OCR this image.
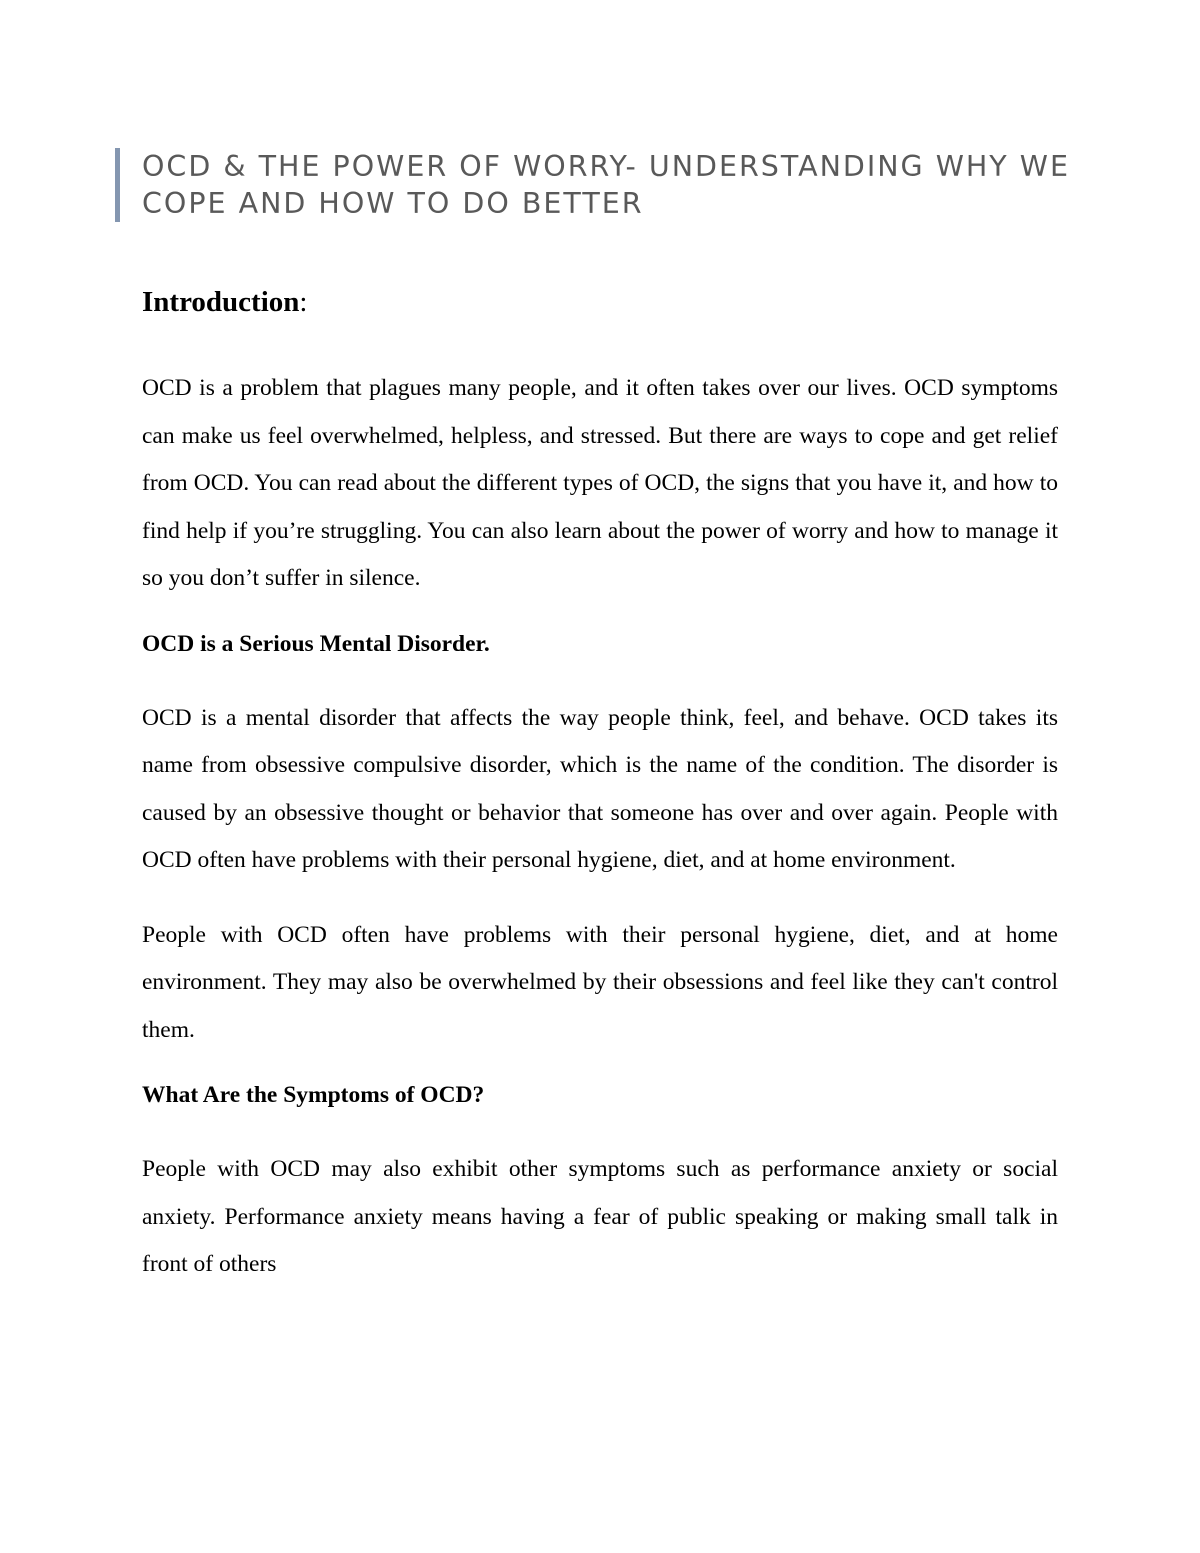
OCD & THE POWER OF WORRY- UNDERSTANDING WHY WE COPE AND HOW TO DO BETTER
Introduction:

OCD is a problem that plagues many people, and it often takes over our lives. OCD symptoms can make us feel overwhelmed, helpless, and stressed. But there are ways to cope and get relief from OCD. You can read about the different types of OCD, the signs that you have it, and how to find help if you’re struggling. You can also learn about the power of worry and how to manage it so you don’t suffer in silence.

OCD is a Serious Mental Disorder.

OCD is a mental disorder that affects the way people think, feel, and behave. OCD takes its name from obsessive compulsive disorder, which is the name of the condition. The disorder is caused by an obsessive thought or behavior that someone has over and over again. People with OCD often have problems with their personal hygiene, diet, and at home environment.

People with OCD often have problems with their personal hygiene, diet, and at home environment. They may also be overwhelmed by their obsessions and feel like they can't control them.

What Are the Symptoms of OCD?

People with OCD may also exhibit other symptoms such as performance anxiety or social anxiety. Performance anxiety means having a fear of public speaking or making small talk in front of others
